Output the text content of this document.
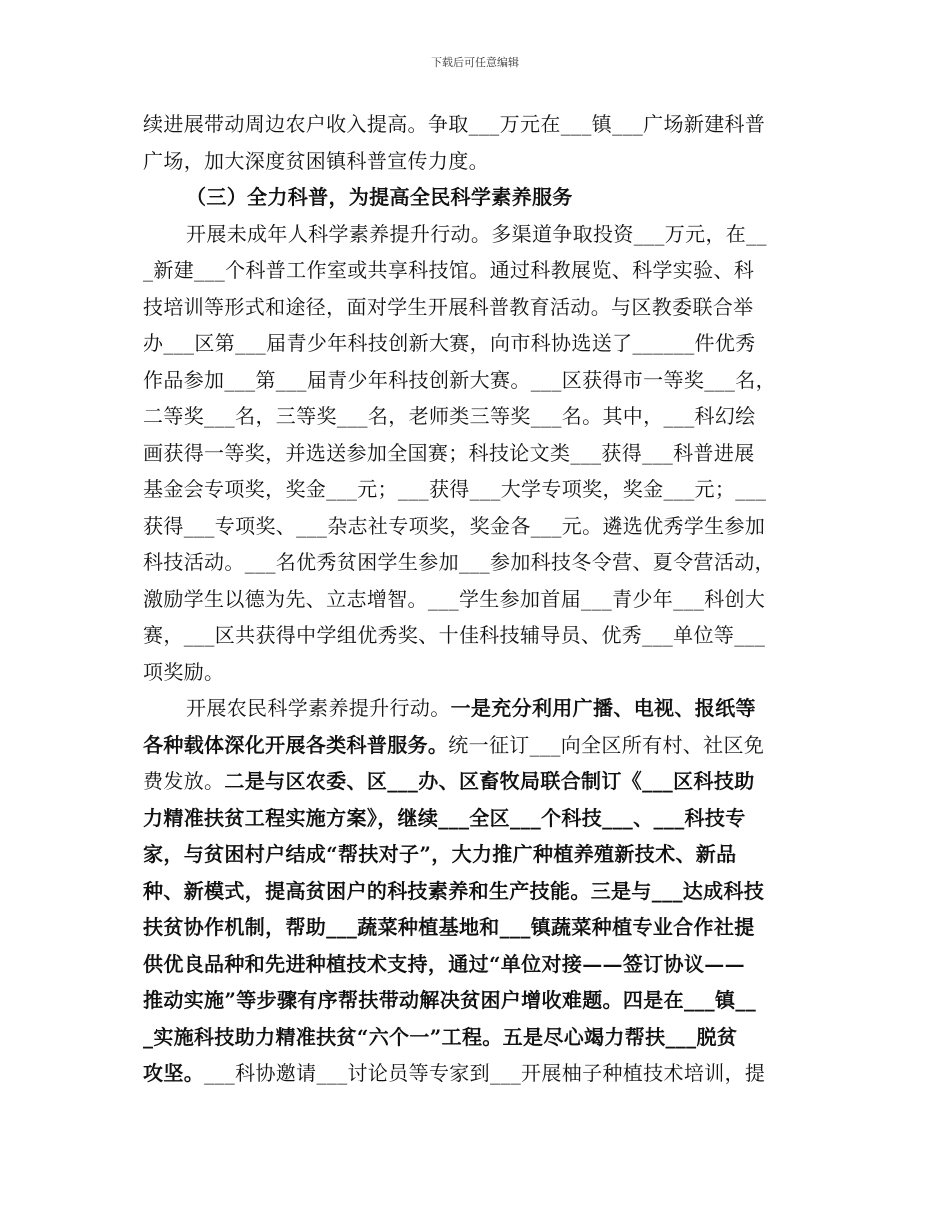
下载后可任意编辑
续进展带动周边农户收入提高。争取___万元在___镇___广场新建科普
广场，加大深度贫困镇科普宣传力度。
（三）全力科普，为提高全民科学素养服务
开展未成年人科学素养提升行动。多渠道争取投资___万元，在__
_新建___个科普工作室或共享科技馆。通过科教展览、科学实验、科
技培训等形式和途径，面对学生开展科普教育活动。与区教委联合举
办___区第___届青少年科技创新大赛，向市科协选送了______件优秀
作品参加___第___届青少年科技创新大赛。___区获得市一等奖___名，
二等奖___名，三等奖___名，老师类三等奖___名。其中，___科幻绘
画获得一等奖，并选送参加全国赛；科技论文类___获得___科普进展
基金会专项奖，奖金___元；___获得___大学专项奖，奖金___元；___
获得___专项奖、___杂志社专项奖，奖金各___元。遴选优秀学生参加
科技活动。___名优秀贫困学生参加___参加科技冬令营、夏令营活动，
激励学生以德为先、立志增智。___学生参加首届___青少年___科创大
赛，___区共获得中学组优秀奖、十佳科技辅导员、优秀___单位等___
项奖励。
开展农民科学素养提升行动。一是充分利用广播、电视、报纸等
各种载体深化开展各类科普服务。统一征订___向全区所有村、社区免
费发放。二是与区农委、区___办、区畜牧局联合制订《___区科技助
力精准扶贫工程实施方案》，继续___全区___个科技___、___科技专
家，与贫困村户结成“帮扶对子”，大力推广种植养殖新技术、新品
种、新模式，提高贫困户的科技素养和生产技能。三是与___达成科技
扶贫协作机制，帮助___蔬菜种植基地和___镇蔬菜种植专业合作社提
供优良品种和先进种植技术支持，通过“单位对接——签订协议——
推动实施”等步骤有序帮扶带动解决贫困户增收难题。四是在___镇__
_实施科技助力精准扶贫“六个一”工程。五是尽心竭力帮扶___脱贫
攻坚。___科协邀请___讨论员等专家到___开展柚子种植技术培训，提
